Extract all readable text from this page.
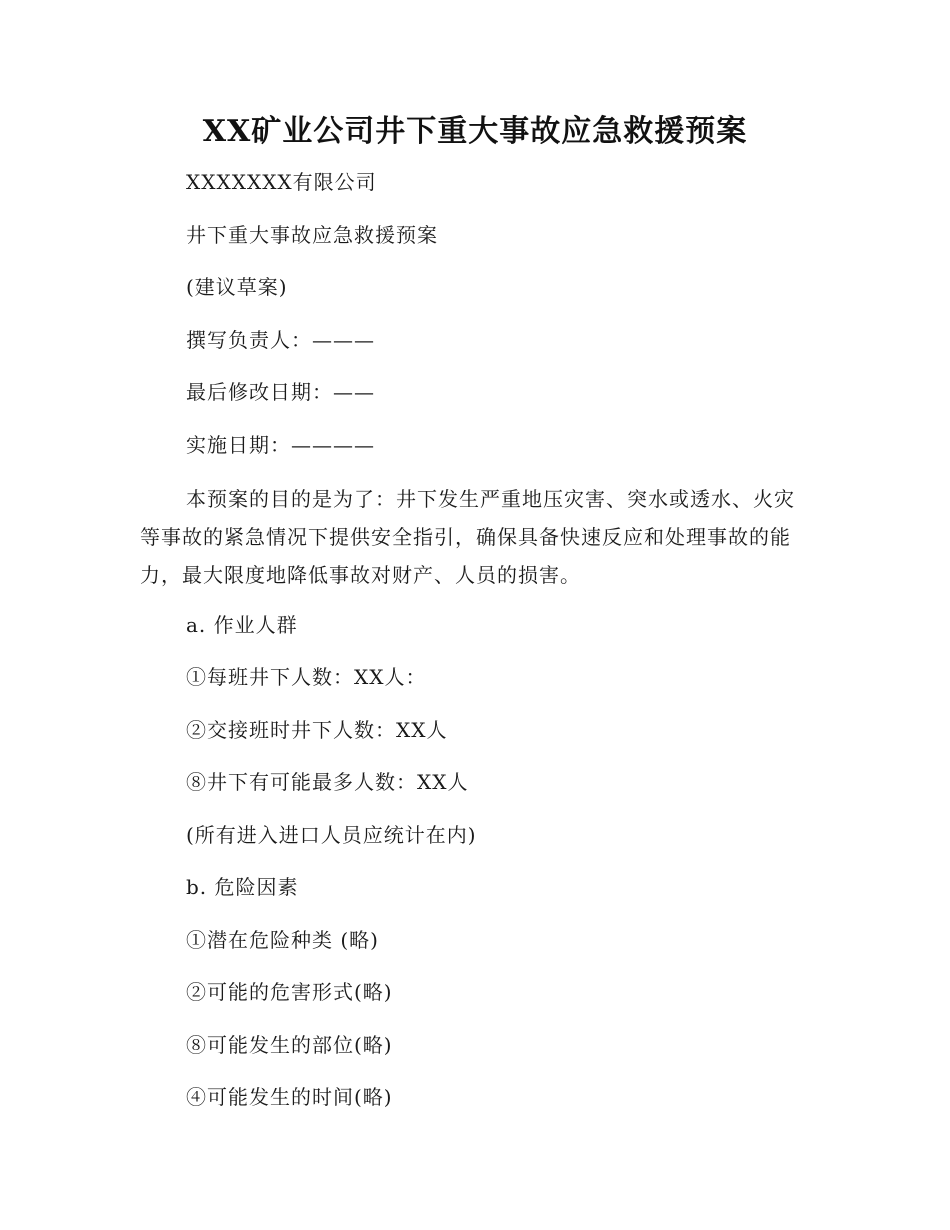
XX矿业公司井下重大事故应急救援预案
XXXXXXX有限公司
井下重大事故应急救援预案
(建议草案)
撰写负责人：———
最后修改日期：——
实施日期：————
本预案的目的是为了：井下发生严重地压灾害、突水或透水、火灾等事故的紧急情况下提供安全指引，确保具备快速反应和处理事故的能力，最大限度地降低事故对财产、人员的损害。
a. 作业人群
①每班井下人数：XX人：
②交接班时井下人数：XX人
⑧井下有可能最多人数：XX人
(所有进入进口人员应统计在内)
b. 危险因素
①潜在危险种类 (略)
②可能的危害形式(略)
⑧可能发生的部位(略)
④可能发生的时间(略)
